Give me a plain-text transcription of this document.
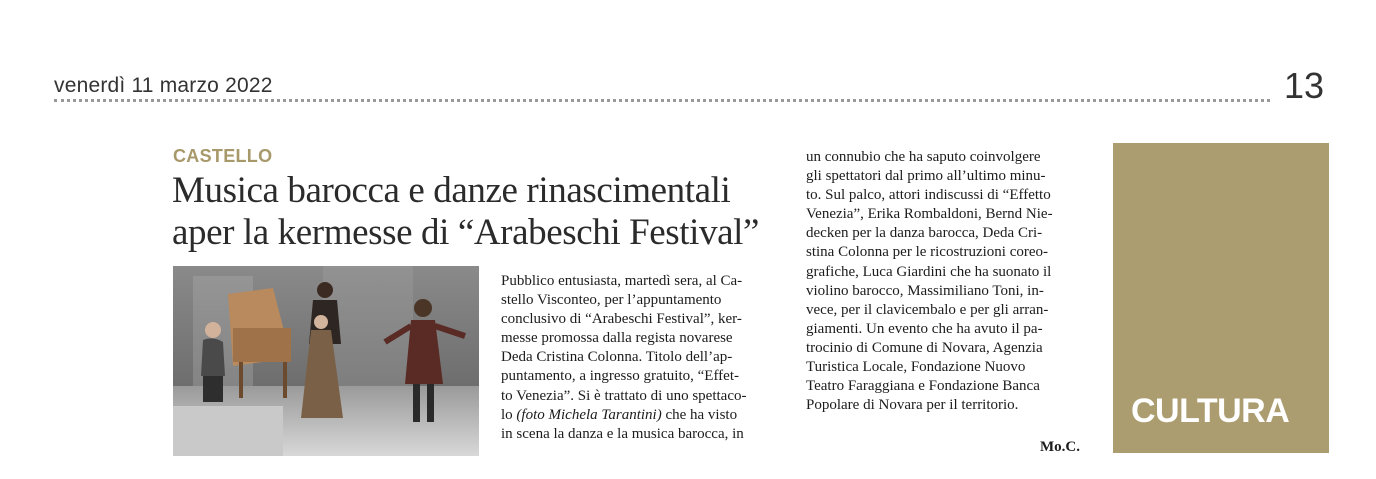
venerdì 11 marzo 2022	13
CASTELLO
Musica barocca e danze rinascimentali
aper la kermesse di “Arabeschi Festival”
Pubblico entusiasta, martedì sera, al Ca-
stello Visconteo, per l’appuntamento
conclusivo di “Arabeschi Festival”, ker-
messe promossa dalla regista novarese
Deda Cristina Colonna. Titolo dell’ap-
puntamento, a ingresso gratuito, “Effet-
to Venezia”. Si è trattato di uno spettaco-
lo (foto Michela Tarantini) che ha visto
in scena la danza e la musica barocca, in
un connubio che ha saputo coinvolgere
gli spettatori dal primo all’ultimo minu-
to. Sul palco, attori indiscussi di “Effetto
Venezia”, Erika Rombaldoni, Bernd Nie-
decken per la danza barocca, Deda Cri-
stina Colonna per le ricostruzioni coreo-
grafiche, Luca Giardini che ha suonato il
violino barocco, Massimiliano Toni, in-
vece, per il clavicembalo e per gli arran-
giamenti. Un evento che ha avuto il pa-
trocinio di Comune di Novara, Agenzia
Turistica Locale, Fondazione Nuovo
Teatro Faraggiana e Fondazione Banca
Popolare di Novara per il territorio.
Mo.C.
CULTURA
